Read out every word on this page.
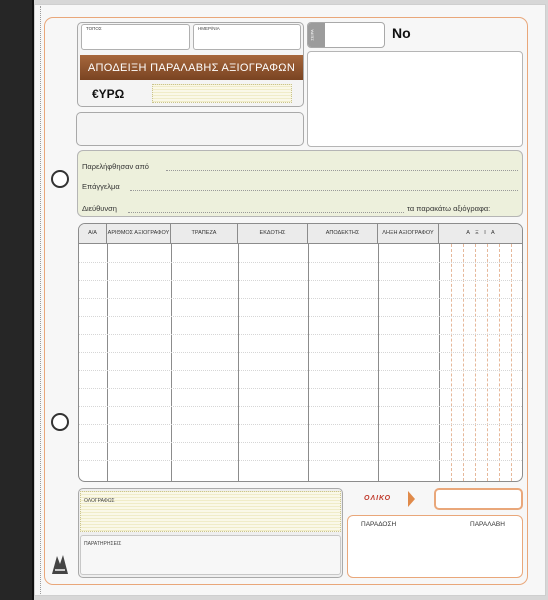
ΤΟΠΟΣ	ΗΜΕΡ/ΝΙΑ
ΑΠΟΔΕΙΞΗ ΠΑΡΑΛΑΒΗΣ ΑΞΙΟΓΡΑΦΩΝ
€ΥΡΩ
ΣΕΙΡΑ	No
Παρελήφθησαν από
Επάγγελμα
Διεύθυνση	τα παρακάτω αξιόγραφα:
Α/Α	ΑΡΙΘΜΟΣ ΑΞΙΟΓΡΑΦΟΥ	ΤΡΑΠΕΖΑ	ΕΚΔΟΤΗΣ	ΑΠΟΔΕΚΤΗΣ	ΛΗΞΗ ΑΞΙΟΓΡΑΦΟΥ	Α Ξ Ι Α
ΟΛΟΓΡΑΦΩΣ
ΠΑΡΑΤΗΡΗΣΕΙΣ
ΟΛΙΚΟ
ΠΑΡΑΔΟΣΗ	ΠΑΡΑΛΑΒΗ
